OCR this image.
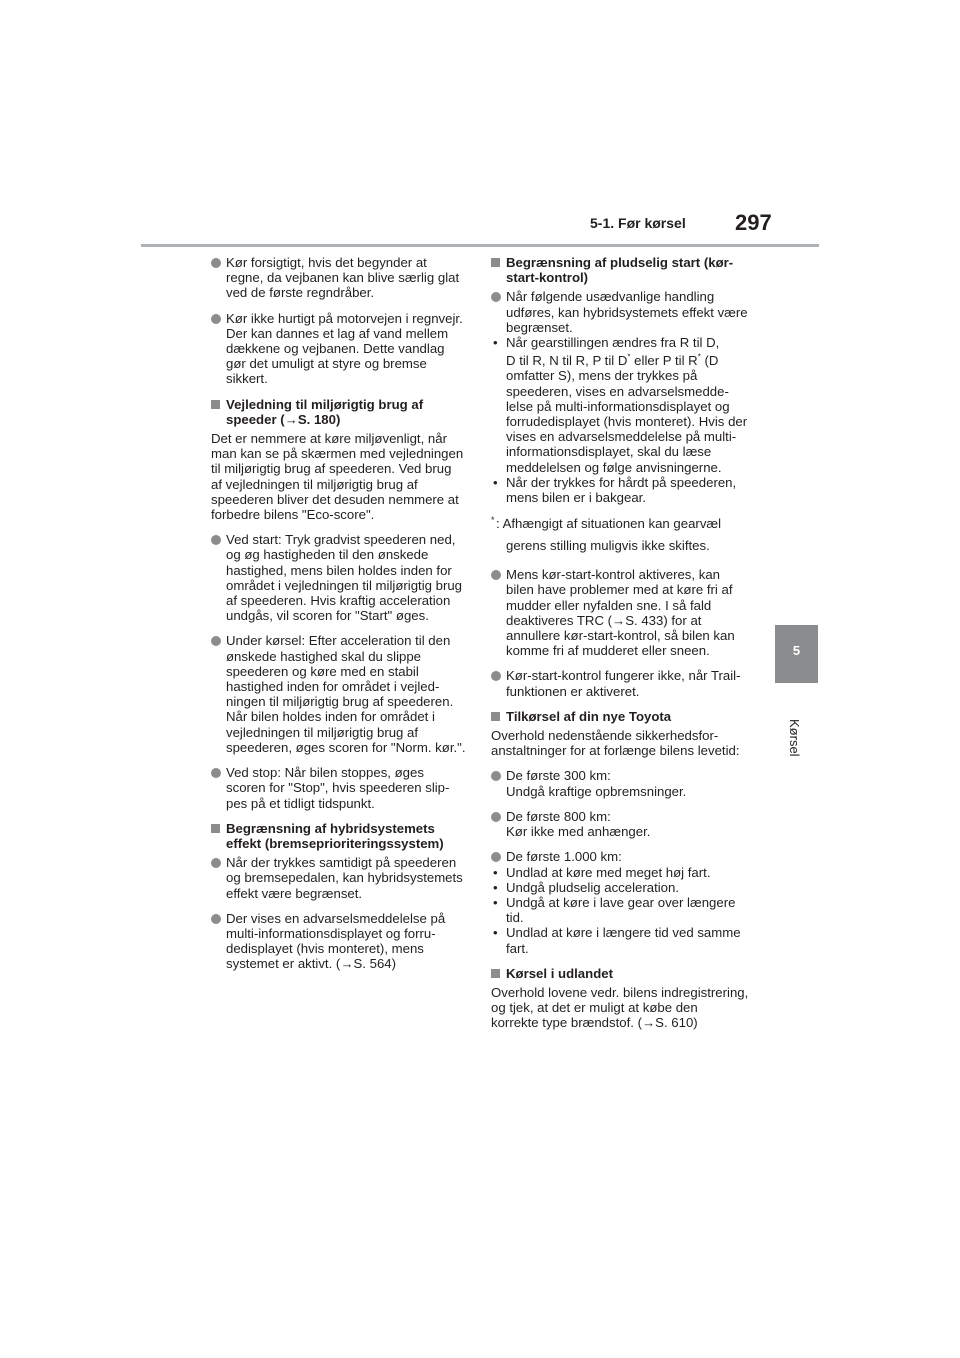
5-1. Før kørsel 297
5
Kørsel
Kør forsigtigt, hvis det begynder at regne, da vejbanen kan blive særlig glat ved de første regndråber.
Kør ikke hurtigt på motorvejen i regnvejr. Der kan dannes et lag af vand mellem dækkene og vejbanen. Dette vandlag gør det umuligt at styre og bremse sikkert.
Vejledning til miljørigtig brug af speeder (→S. 180)
Det er nemmere at køre miljøvenligt, når man kan se på skærmen med vejledningen til miljørigtig brug af speederen. Ved brug af vejledningen til miljørigtig brug af speederen bliver det desuden nemmere at forbedre bilens "Eco-score".
Ved start: Tryk gradvist speederen ned, og øg hastigheden til den ønskede hastighed, mens bilen holdes inden for området i vejledningen til miljørigtig brug af speederen. Hvis kraftig acceleration undgås, vil scoren for "Start" øges.
Under kørsel: Efter acceleration til den ønskede hastighed skal du slippe speederen og køre med en stabil hastighed inden for området i vejledningen til miljørigtig brug af speederen. Når bilen holdes inden for området i vejledningen til miljørigtig brug af speederen, øges scoren for "Norm. kør.".
Ved stop: Når bilen stoppes, øges scoren for "Stop", hvis speederen slippes på et tidligt tidspunkt.
Begrænsning af hybridsystemets effekt (bremseprioriteringssystem)
Når der trykkes samtidigt på speederen og bremsepedalen, kan hybridsystemets effekt være begrænset.
Der vises en advarselsmeddelelse på multi-informationsdisplayet og forrudedisplayet (hvis monteret), mens systemet er aktivt. (→S. 564)
Begrænsning af pludselig start (kør-start-kontrol)
Når følgende usædvanlige handling udføres, kan hybridsystemets effekt være begrænset.
• Når gearstillingen ændres fra R til D,
D til R, N til R, P til D* eller P til R* (D
omfatter S), mens der trykkes på speederen, vises en advarselsmeddelelse på multi-informationsdisplayet og forrudedisplayet (hvis monteret). Hvis der vises en advarselsmeddelelse på multi-informationsdisplayet, skal du læse meddelelsen og følge anvisningerne.
• Når der trykkes for hårdt på speederen, mens bilen er i bakgear.
* : Afhængigt af situationen kan gearvæl
gerens stilling muligvis ikke skiftes.
Mens kør-start-kontrol aktiveres, kan bilen have problemer med at køre fri af mudder eller nyfalden sne. I så fald deaktiveres TRC (→S. 433) for at annullere kør-start-kontrol, så bilen kan komme fri af mudderet eller sneen.
Kør-start-kontrol fungerer ikke, når Trail-funktionen er aktiveret.
Tilkørsel af din nye Toyota
Overhold nedenstående sikkerhedsforanstaltninger for at forlænge bilens levetid:
De første 300 km:
Undgå kraftige opbremsninger.
De første 800 km:
Kør ikke med anhænger.
De første 1.000 km:
• Undlad at køre med meget høj fart.
• Undgå pludselig acceleration.
• Undgå at køre i lave gear over længere tid.
• Undlad at køre i længere tid ved samme fart.
Kørsel i udlandet
Overhold lovene vedr. bilens indregistrering, og tjek, at det er muligt at købe den korrekte type brændstof. (→S. 610)
